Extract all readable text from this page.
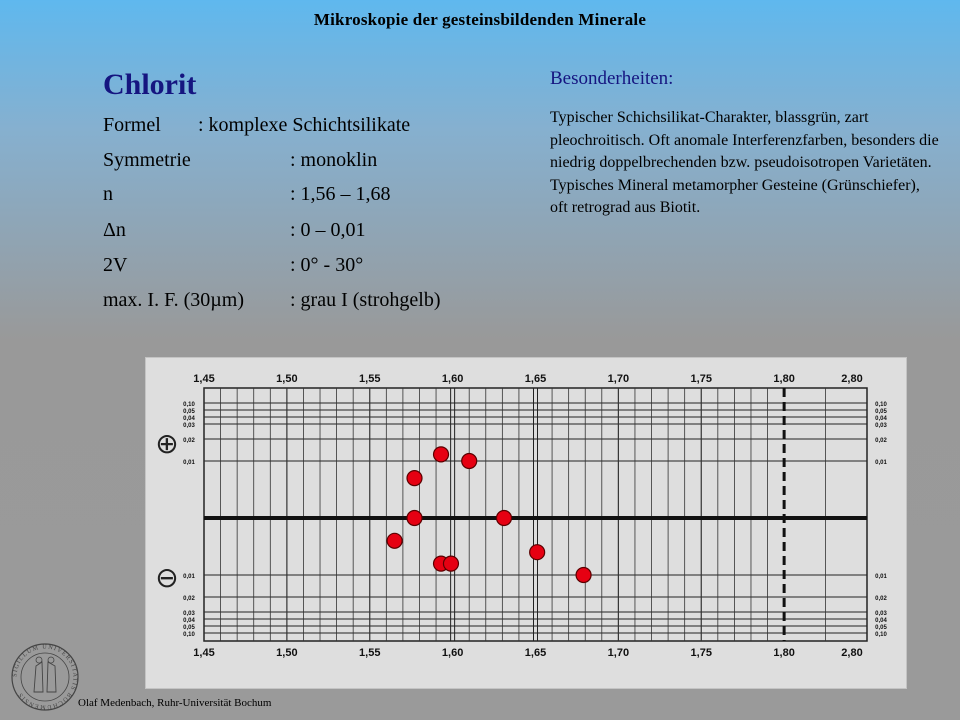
Mikroskopie der gesteinsbildenden Minerale
Chlorit
Formel : komplexe Schichtsilikate
Symmetrie	: monoklin
n	: 1,56 – 1,68
Δn	: 0 – 0,01
2V	: 0° - 30°
max. I. F. (30µm) : grau I (strohgelb)
Besonderheiten:
Typischer Schichsilikat-Charakter, blassgrün, zart pleochroitisch. Oft anomale Interferenzfarben, besonders die niedrig doppelbrechenden bzw. pseudoisotropen Varietäten. Typisches Mineral metamorpher Gesteine (Grünschiefer), oft retrograd aus Biotit.
1,45
1,45
1,50
1,50
1,55
1,55
1,60
1,60
1,65
1,65
1,70
1,70
1,75
1,75
1,80
1,80
2,80
2,80
0,10	0,10
0,05	0,05
0,04	0,04
0,03	0,03
0,02	0,02
0,01	0,01
0,01	0,01
0,02	0,02
0,03	0,03
0,04	0,04
0,05	0,05
0,10	0,10
⊕
⊖
SIGILLUM UNIVERSITATIS BOCHUMENSIS
Olaf Medenbach, Ruhr-Universität Bochum
